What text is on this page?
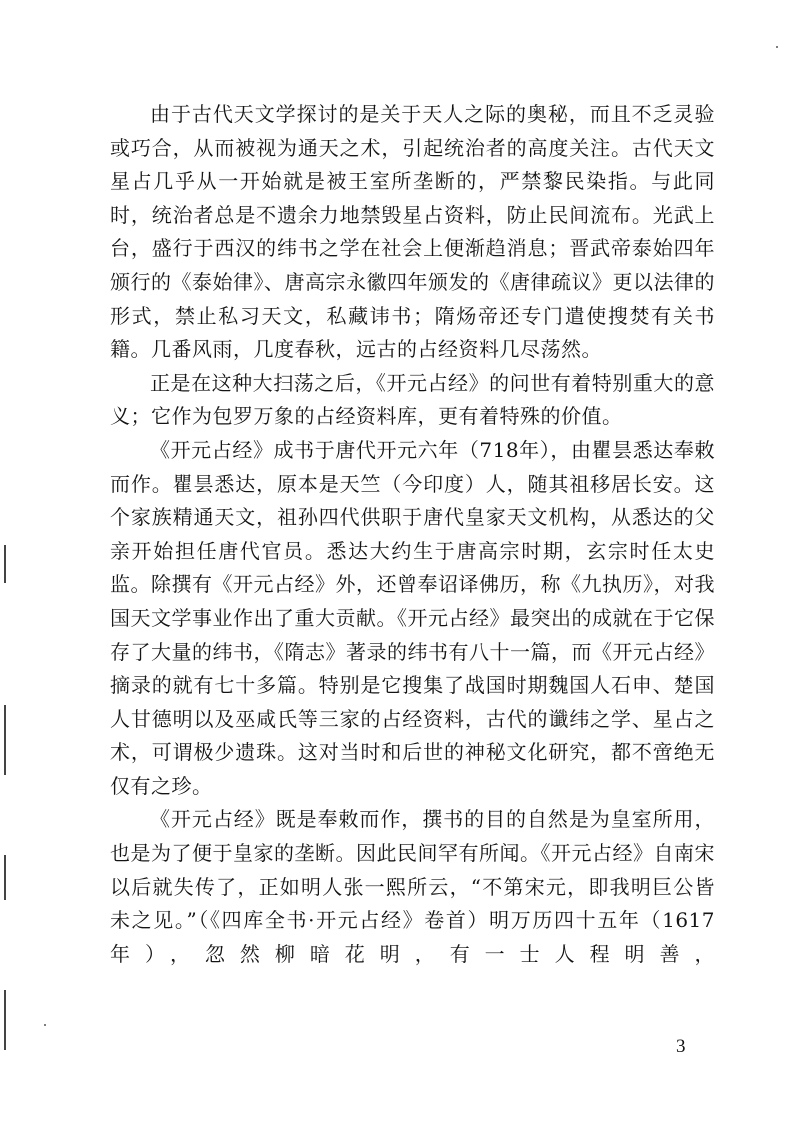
由于古代天文学探讨的是关于天人之际的奥秘，而且不乏灵验或巧合，从而被视为通天之术，引起统治者的高度关注。古代天文星占几乎从一开始就是被王室所垄断的，严禁黎民染指。与此同时，统治者总是不遗余力地禁毁星占资料，防止民间流布。光武上台，盛行于西汉的纬书之学在社会上便渐趋消息；晋武帝泰始四年颁行的《泰始律》、唐高宗永徽四年颁发的《唐律疏议》更以法律的形式，禁止私习天文，私藏讳书；隋炀帝还专门遣使搜焚有关书籍。几番风雨，几度春秋，远古的占经资料几尽荡然。

正是在这种大扫荡之后，《开元占经》的问世有着特别重大的意义；它作为包罗万象的占经资料库，更有着特殊的价值。

《开元占经》成书于唐代开元六年（718年），由瞿昙悉达奉敕而作。瞿昙悉达，原本是天竺（今印度）人，随其祖移居长安。这个家族精通天文，祖孙四代供职于唐代皇家天文机构，从悉达的父亲开始担任唐代官员。悉达大约生于唐高宗时期，玄宗时任太史监。除撰有《开元占经》外，还曾奉诏译佛历，称《九执历》，对我国天文学事业作出了重大贡献。《开元占经》最突出的成就在于它保存了大量的纬书，《隋志》著录的纬书有八十一篇，而《开元占经》摘录的就有七十多篇。特别是它搜集了战国时期魏国人石申、楚国人甘德明以及巫咸氏等三家的占经资料，古代的谶纬之学、星占之术，可谓极少遗珠。这对当时和后世的神秘文化研究，都不啻绝无仅有之珍。

《开元占经》既是奉敕而作，撰书的目的自然是为皇室所用，也是为了便于皇家的垄断。因此民间罕有所闻。《开元占经》自南宋以后就失传了，正如明人张一熙所云，“不第宋元，即我明巨公皆未之见。”（《四库全书·开元占经》卷首）明万历四十五年（1617年），忽然柳暗花明，有一士人程明善，

3
